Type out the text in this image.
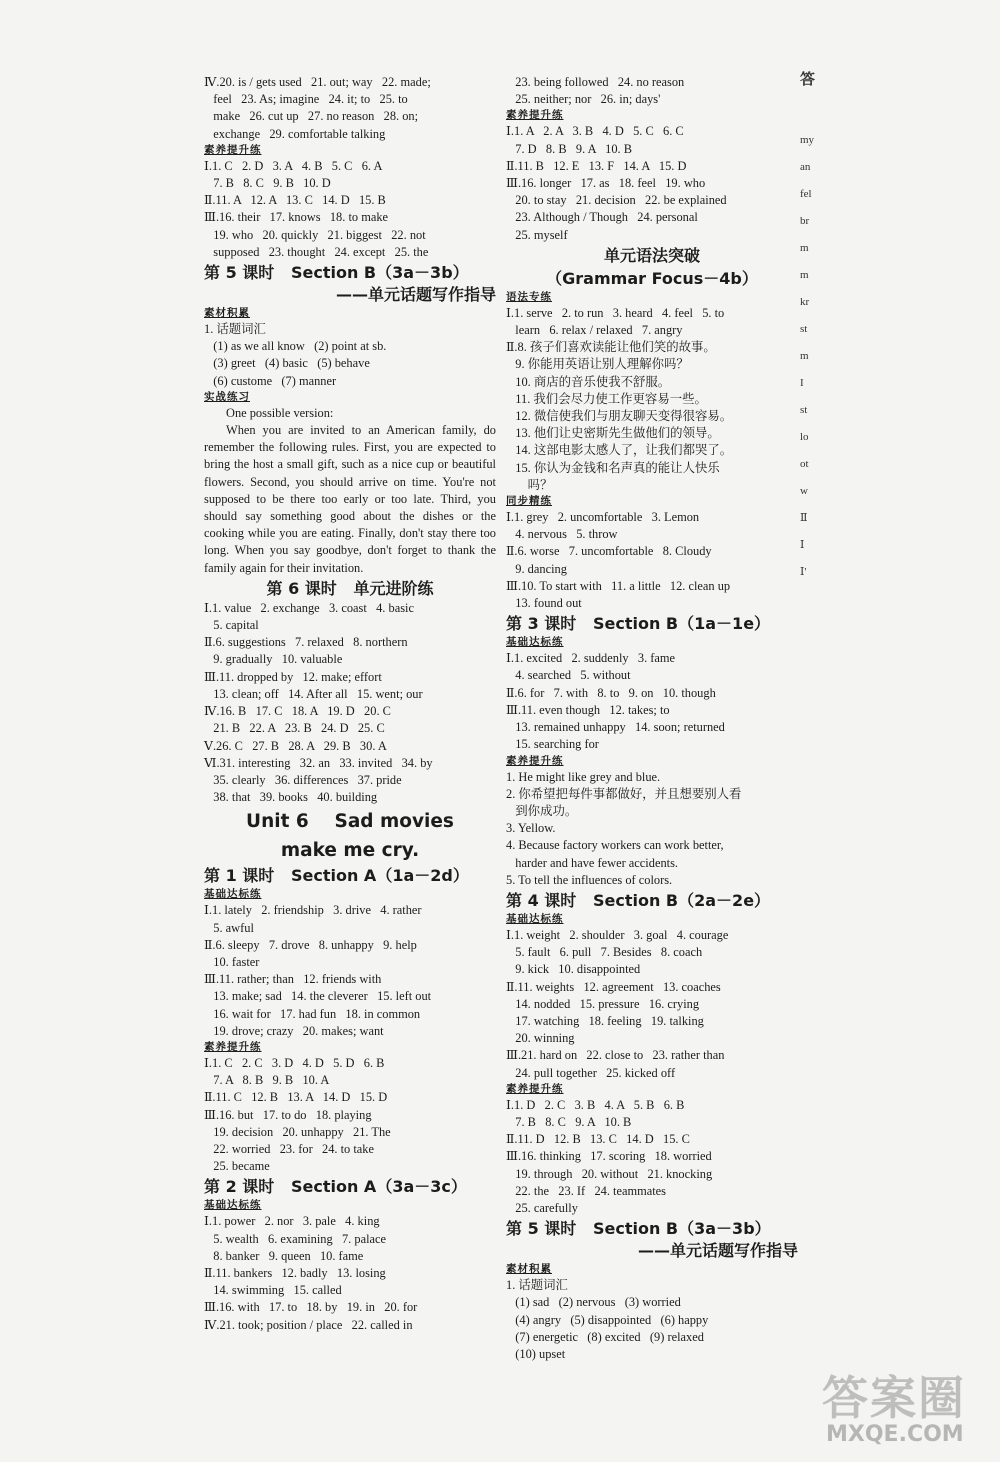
Ⅳ.20. is / gets used   21. out; way   22. made;
feel   23. As; imagine   24. it; to   25. to
make   26. cut up   27. no reason   28. on;
exchange   29. comfortable talking
素养提升练
Ⅰ.1. C   2. D   3. A   4. B   5. C   6. A
7. B   8. C   9. B   10. D
Ⅱ.11. A   12. A   13. C   14. D   15. B
Ⅲ.16. their   17. knows   18. to make
19. who   20. quickly   21. biggest   22. not
supposed   23. thought   24. except   25. the
第 5 课时   Section B（3a－3b）
——单元话题写作指导
素材积累
1. 话题词汇
(1) as we all know   (2) point at sb.
(3) greet   (4) basic   (5) behave
(6) custome   (7) manner
实战练习

One possible version:

When you are invited to an American family, do remember the following rules. First, you are expected to bring the host a small gift, such as a nice cup or beautiful flowers. Second, you should arrive on time. You're not supposed to be there too early or too late. Third, you should say something good about the dishes or the cooking while you are eating. Finally, don't stay there too long. When you say goodbye, don't forget to thank the family again for their invitation.

第 6 课时   单元进阶练
Ⅰ.1. value   2. exchange   3. coast   4. basic
5. capital
Ⅱ.6. suggestions   7. relaxed   8. northern
9. gradually   10. valuable
Ⅲ.11. dropped by   12. make; effort
13. clean; off   14. After all   15. went; our
Ⅳ.16. B   17. C   18. A   19. D   20. C
21. B   22. A   23. B   24. D   25. C
Ⅴ.26. C   27. B   28. A   29. B   30. A
Ⅵ.31. interesting   32. an   33. invited   34. by
35. clearly   36. differences   37. pride
38. that   39. books   40. building
Unit 6    Sad movies
make me cry.
第 1 课时   Section A（1a－2d）
基础达标练
Ⅰ.1. lately   2. friendship   3. drive   4. rather
5. awful
Ⅱ.6. sleepy   7. drove   8. unhappy   9. help
10. faster
Ⅲ.11. rather; than   12. friends with
13. make; sad   14. the cleverer   15. left out
16. wait for   17. had fun   18. in common
19. drove; crazy   20. makes; want
素养提升练
Ⅰ.1. C   2. C   3. D   4. D   5. D   6. B
7. A   8. B   9. B   10. A
Ⅱ.11. C   12. B   13. A   14. D   15. D
Ⅲ.16. but   17. to do   18. playing
19. decision   20. unhappy   21. The
22. worried   23. for   24. to take
25. became
第 2 课时   Section A（3a－3c）
基础达标练
Ⅰ.1. power   2. nor   3. pale   4. king
5. wealth   6. examining   7. palace
8. banker   9. queen   10. fame
Ⅱ.11. bankers   12. badly   13. losing
14. swimming   15. called
Ⅲ.16. with   17. to   18. by   19. in   20. for
Ⅳ.21. took; position / place   22. called in
23. being followed   24. no reason
25. neither; nor   26. in; days'
素养提升练
Ⅰ.1. A   2. A   3. B   4. D   5. C   6. C
7. D   8. B   9. A   10. B
Ⅱ.11. B   12. E   13. F   14. A   15. D
Ⅲ.16. longer   17. as   18. feel   19. who
20. to stay   21. decision   22. be explained
23. Although / Though   24. personal
25. myself
单元语法突破
（Grammar Focus－4b）
语法专练
Ⅰ.1. serve   2. to run   3. heard   4. feel   5. to
learn   6. relax / relaxed   7. angry
Ⅱ.8. 孩子们喜欢读能让他们笑的故事。
9. 你能用英语让别人理解你吗？
10. 商店的音乐使我不舒服。
11. 我们会尽力使工作更容易一些。
12. 微信使我们与朋友聊天变得很容易。
13. 他们让史密斯先生做他们的领导。
14. 这部电影太感人了，让我们都哭了。
15. 你认为金钱和名声真的能让人快乐
吗？
同步精练
Ⅰ.1. grey   2. uncomfortable   3. Lemon
4. nervous   5. throw
Ⅱ.6. worse   7. uncomfortable   8. Cloudy
9. dancing
Ⅲ.10. To start with   11. a little   12. clean up
13. found out
第 3 课时   Section B（1a－1e）
基础达标练
Ⅰ.1. excited   2. suddenly   3. fame
4. searched   5. without
Ⅱ.6. for   7. with   8. to   9. on   10. though
Ⅲ.11. even though   12. takes; to
13. remained unhappy   14. soon; returned
15. searching for
素养提升练
1. He might like grey and blue.
2. 你希望把每件事都做好，并且想要别人看
到你成功。
3. Yellow.
4. Because factory workers can work better,
harder and have fewer accidents.
5. To tell the influences of colors.
第 4 课时   Section B（2a－2e）
基础达标练
Ⅰ.1. weight   2. shoulder   3. goal   4. courage
5. fault   6. pull   7. Besides   8. coach
9. kick   10. disappointed
Ⅱ.11. weights   12. agreement   13. coaches
14. nodded   15. pressure   16. crying
17. watching   18. feeling   19. talking
20. winning
Ⅲ.21. hard on   22. close to   23. rather than
24. pull together   25. kicked off
素养提升练
Ⅰ.1. D   2. C   3. B   4. A   5. B   6. B
7. B   8. C   9. A   10. B
Ⅱ.11. D   12. B   13. C   14. D   15. C
Ⅲ.16. thinking   17. scoring   18. worried
19. through   20. without   21. knocking
22. the   23. If   24. teammates
25. carefully
第 5 课时   Section B（3a－3b）
——单元话题写作指导
素材积累
1. 话题词汇
(1) sad   (2) nervous   (3) worried
(4) angry   (5) disappointed   (6) happy
(7) energetic   (8) excited   (9) relaxed
(10) upset
答
my
an
fel
br
m
m
kr
st
m
I
st
lo
ot
w
Ⅱ
Ⅰ
Ⅰ'
答案圈
MXQE.COM
